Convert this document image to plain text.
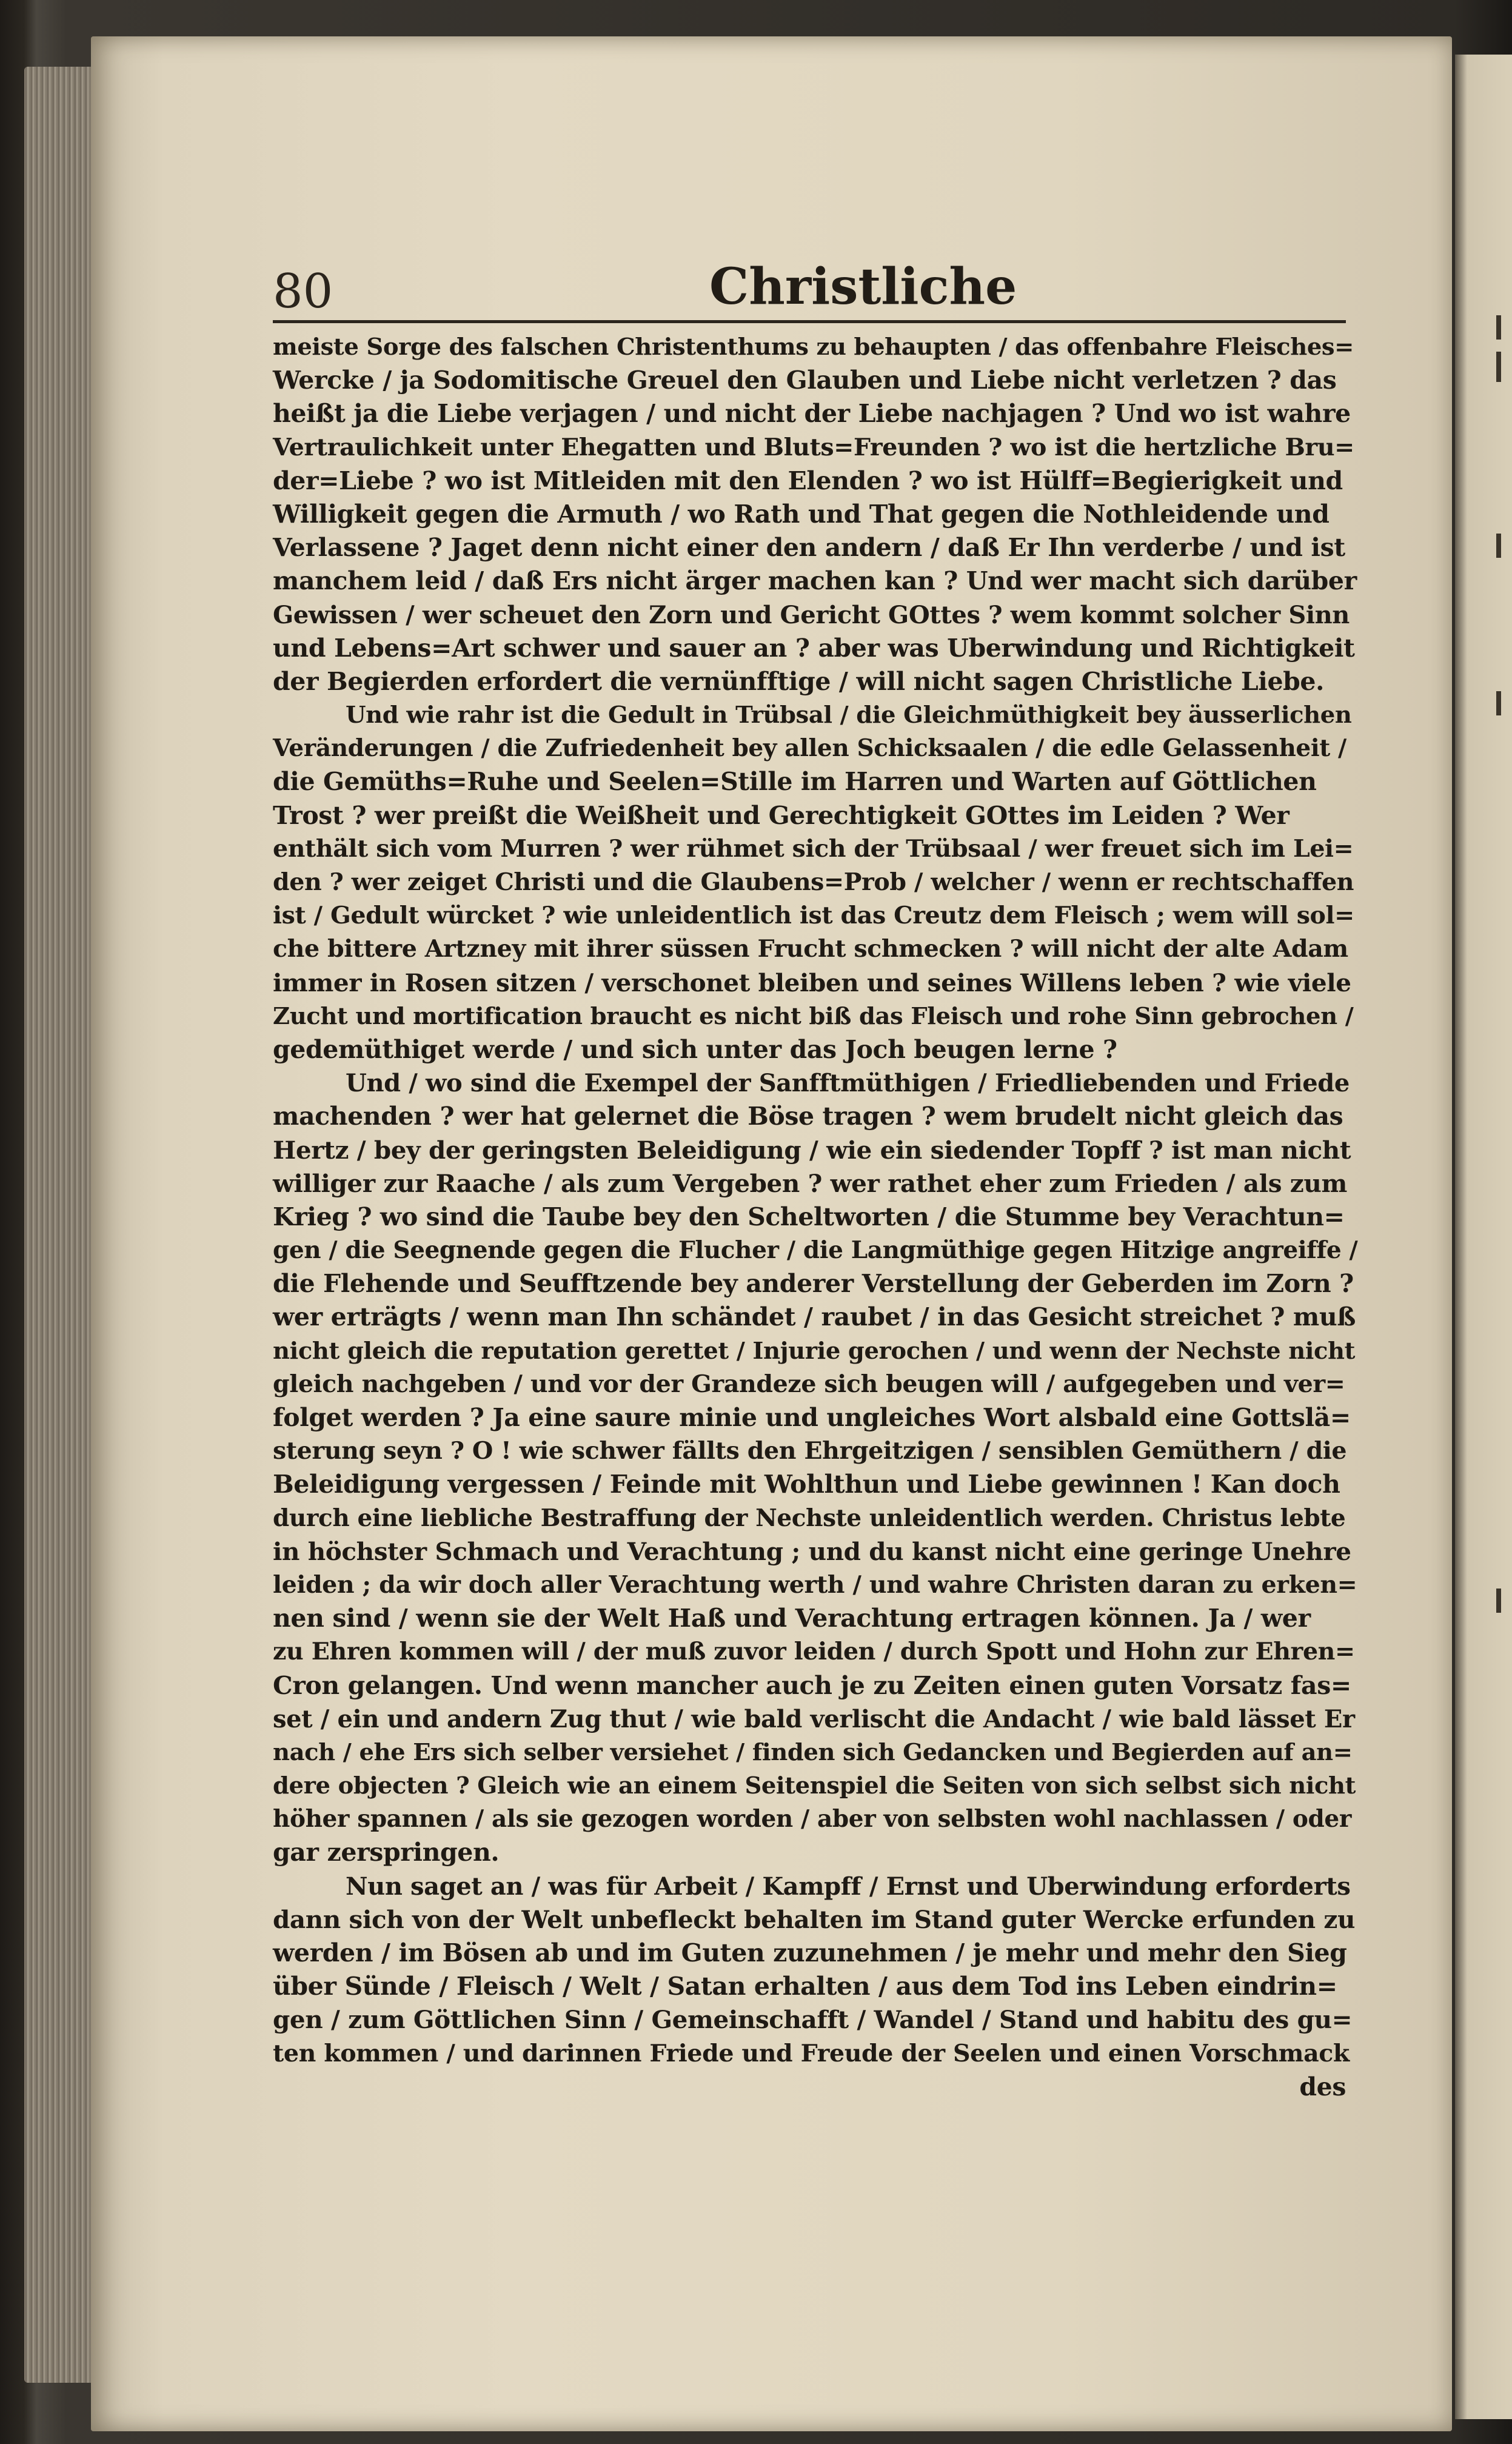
80	Christliche
meiste Sorge des falschen Christenthums zu behaupten / das offenbahre Fleisches=
Wercke / ja Sodomitische Greuel den Glauben und Liebe nicht verletzen ? das
heißt ja die Liebe verjagen / und nicht der Liebe nachjagen ? Und wo ist wahre
Vertraulichkeit unter Ehegatten und Bluts=Freunden ? wo ist die hertzliche Bru=
der=Liebe ? wo ist Mitleiden mit den Elenden ? wo ist Hülff=Begierigkeit und
Willigkeit gegen die Armuth / wo Rath und That gegen die Nothleidende und
Verlassene ? Jaget denn nicht einer den andern / daß Er Ihn verderbe / und ist
manchem leid / daß Ers nicht ärger machen kan ? Und wer macht sich darüber
Gewissen / wer scheuet den Zorn und Gericht GOttes ? wem kommt solcher Sinn
und Lebens=Art schwer und sauer an ? aber was Uberwindung und Richtigkeit
der Begierden erfordert die vernünfftige / will nicht sagen Christliche Liebe.
Und wie rahr ist die Gedult in Trübsal / die Gleichmüthigkeit bey äusserlichen
Veränderungen / die Zufriedenheit bey allen Schicksaalen / die edle Gelassenheit /
die Gemüths=Ruhe und Seelen=Stille im Harren und Warten auf Göttlichen
Trost ? wer preißt die Weißheit und Gerechtigkeit GOttes im Leiden ? Wer
enthält sich vom Murren ? wer rühmet sich der Trübsaal / wer freuet sich im Lei=
den ? wer zeiget Christi und die Glaubens=Prob / welcher / wenn er rechtschaffen
ist / Gedult würcket ? wie unleidentlich ist das Creutz dem Fleisch ; wem will sol=
che bittere Artzney mit ihrer süssen Frucht schmecken ? will nicht der alte Adam
immer in Rosen sitzen / verschonet bleiben und seines Willens leben ? wie viele
Zucht und mortification braucht es nicht biß das Fleisch und rohe Sinn gebrochen /
gedemüthiget werde / und sich unter das Joch beugen lerne ?
Und / wo sind die Exempel der Sanfftmüthigen / Friedliebenden und Friede
machenden ? wer hat gelernet die Böse tragen ? wem brudelt nicht gleich das
Hertz / bey der geringsten Beleidigung / wie ein siedender Topff ? ist man nicht
williger zur Raache / als zum Vergeben ? wer rathet eher zum Frieden / als zum
Krieg ? wo sind die Taube bey den Scheltworten / die Stumme bey Verachtun=
gen / die Seegnende gegen die Flucher / die Langmüthige gegen Hitzige angreiffe /
die Flehende und Seufftzende bey anderer Verstellung der Geberden im Zorn ?
wer erträgts / wenn man Ihn schändet / raubet / in das Gesicht streichet ? muß
nicht gleich die reputation gerettet / Injurie gerochen / und wenn der Nechste nicht
gleich nachgeben / und vor der Grandeze sich beugen will / aufgegeben und ver=
folget werden ? Ja eine saure minie und ungleiches Wort alsbald eine Gottslä=
sterung seyn ? O ! wie schwer fällts den Ehrgeitzigen / sensiblen Gemüthern / die
Beleidigung vergessen / Feinde mit Wohlthun und Liebe gewinnen ! Kan doch
durch eine liebliche Bestraffung der Nechste unleidentlich werden. Christus lebte
in höchster Schmach und Verachtung ; und du kanst nicht eine geringe Unehre
leiden ; da wir doch aller Verachtung werth / und wahre Christen daran zu erken=
nen sind / wenn sie der Welt Haß und Verachtung ertragen können. Ja / wer
zu Ehren kommen will / der muß zuvor leiden / durch Spott und Hohn zur Ehren=
Cron gelangen. Und wenn mancher auch je zu Zeiten einen guten Vorsatz fas=
set / ein und andern Zug thut / wie bald verlischt die Andacht / wie bald lässet Er
nach / ehe Ers sich selber versiehet / finden sich Gedancken und Begierden auf an=
dere objecten ? Gleich wie an einem Seitenspiel die Seiten von sich selbst sich nicht
höher spannen / als sie gezogen worden / aber von selbsten wohl nachlassen / oder
gar zerspringen.
Nun saget an / was für Arbeit / Kampff / Ernst und Uberwindung erforderts
dann sich von der Welt unbefleckt behalten im Stand guter Wercke erfunden zu
werden / im Bösen ab und im Guten zuzunehmen / je mehr und mehr den Sieg
über Sünde / Fleisch / Welt / Satan erhalten / aus dem Tod ins Leben eindrin=
gen / zum Göttlichen Sinn / Gemeinschafft / Wandel / Stand und habitu des gu=
ten kommen / und darinnen Friede und Freude der Seelen und einen Vorschmack
des
